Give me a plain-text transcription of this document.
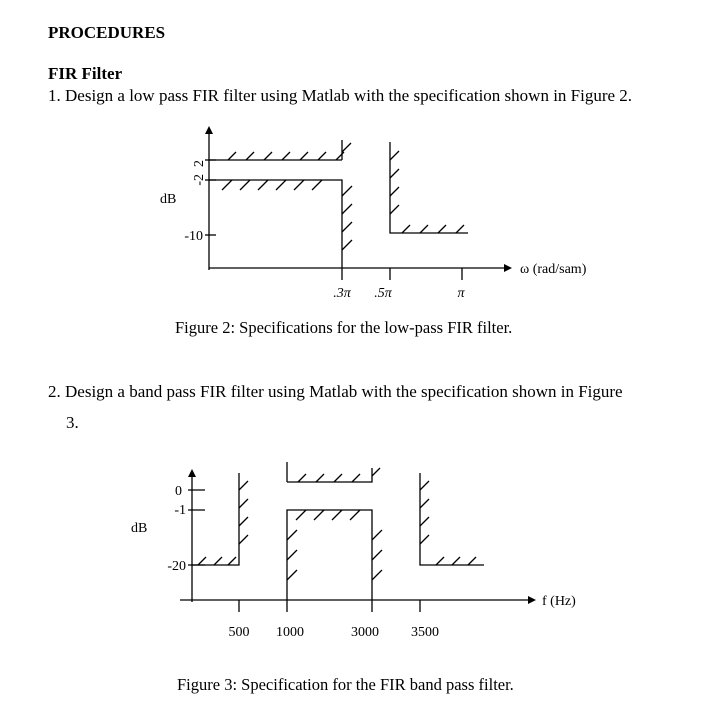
PROCEDURES
FIR Filter
1. Design a low pass FIR filter using Matlab with the specification shown in Figure 2.
2. Design a band pass FIR filter using Matlab with the specification shown in Figure
3.
Figure 2: Specifications for the low-pass FIR filter.
Figure 3: Specification for the FIR band pass filter.
dB
2
-2
-10
.3π .5π	π
ω (rad/sam)
dB
0
-1
-20
500 1000	3000 3500
f (Hz)
